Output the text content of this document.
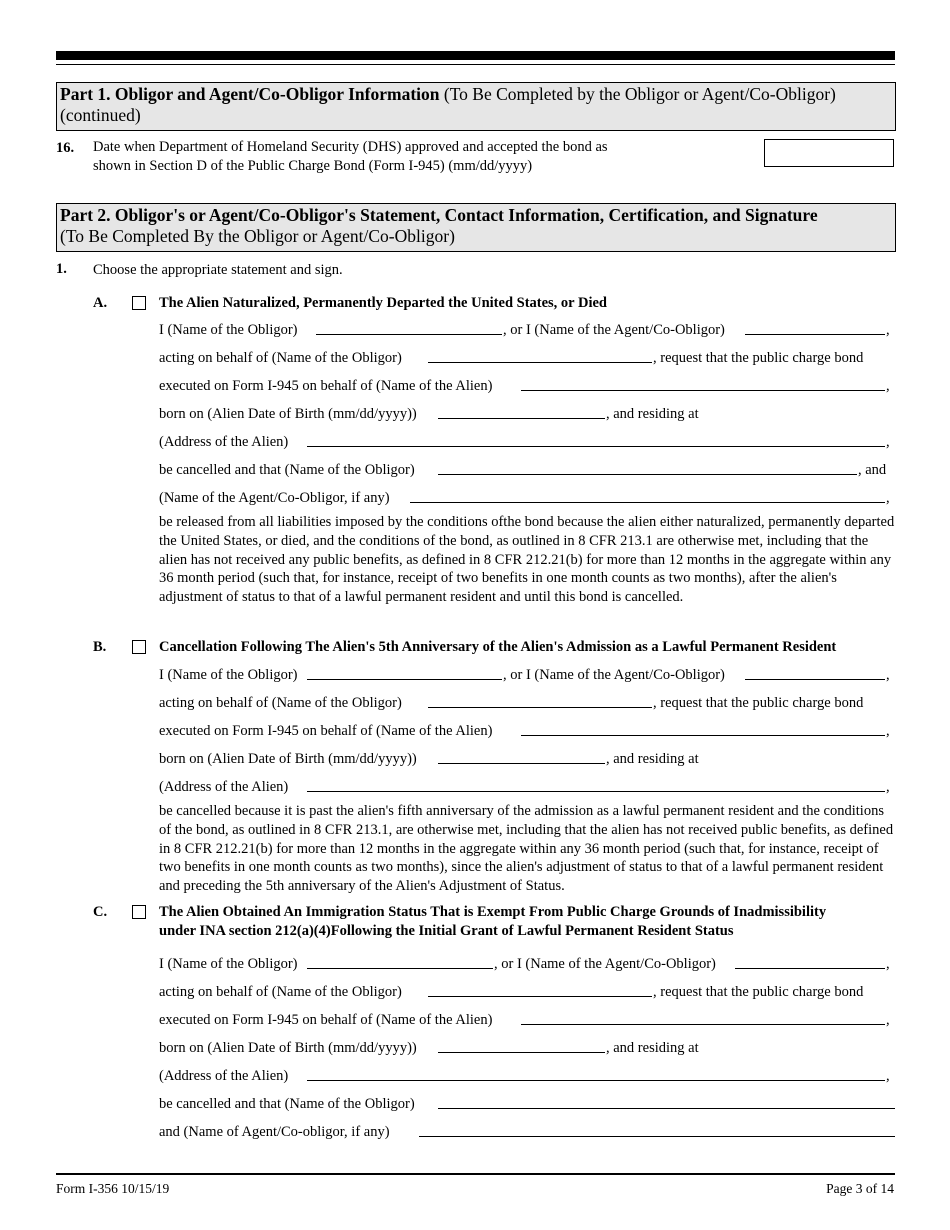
Part 1. Obligor and Agent/Co-Obligor Information (To Be Completed by the Obligor or Agent/Co-Obligor)
(continued)
16. Date when Department of Homeland Security (DHS) approved and accepted the bond as
shown in Section D of the Public Charge Bond (Form I-945) (mm/dd/yyyy)
Part 2. Obligor's or Agent/Co-Obligor's Statement, Contact Information, Certification, and Signature
(To Be Completed By the Obligor or Agent/Co-Obligor)
1. Choose the appropriate statement and sign.
A.	The Alien Naturalized, Permanently Departed the United States, or Died
I (Name of the Obligor)	, or I (Name of the Agent/Co-Obligor)	,
acting on behalf of (Name of the Obligor)	, request that the public charge bond
executed on Form I-945 on behalf of (Name of the Alien)	,
born on (Alien Date of Birth (mm/dd/yyyy))	, and residing at
(Address of the Alien)	,
be cancelled and that (Name of the Obligor)	, and
(Name of the Agent/Co-Obligor, if any)	,
be released from all liabilities imposed by the conditions ofthe bond because the alien either naturalized, permanently departed the United States, or died, and the conditions of the bond, as outlined in 8 CFR 213.1 are otherwise met, including that the alien has not received any public benefits, as defined in 8 CFR 212.21(b) for more than 12 months in the aggregate within any 36 month period (such that, for instance, receipt of two benefits in one month counts as two months), after the alien's adjustment of status to that of a lawful permanent resident and until this bond is cancelled.
B.	Cancellation Following The Alien's 5th Anniversary of the Alien's Admission as a Lawful Permanent Resident
I (Name of the Obligor)	, or I (Name of the Agent/Co-Obligor)	,
acting on behalf of (Name of the Obligor)	, request that the public charge bond
executed on Form I-945 on behalf of (Name of the Alien)	,
born on (Alien Date of Birth (mm/dd/yyyy))	, and residing at
(Address of the Alien)	,
be cancelled because it is past the alien's fifth anniversary of the admission as a lawful permanent resident and the conditions of the bond, as outlined in 8 CFR 213.1, are otherwise met, including that the alien has not received public benefits, as defined in 8 CFR 212.21(b) for more than 12 months in the aggregate within any 36 month period (such that, for instance, receipt of two benefits in one month counts as two months), since the alien's adjustment of status to that of a lawful permanent resident and preceding the 5th anniversary of the Alien's Adjustment of Status.
C.	The Alien Obtained An Immigration Status That is Exempt From Public Charge Grounds of Inadmissibility
under INA section 212(a)(4)Following the Initial Grant of Lawful Permanent Resident Status
I (Name of the Obligor)	, or I (Name of the Agent/Co-Obligor)	,
acting on behalf of (Name of the Obligor)	, request that the public charge bond
executed on Form I-945 on behalf of (Name of the Alien)	,
born on (Alien Date of Birth (mm/dd/yyyy))	, and residing at
(Address of the Alien)	,
be cancelled and that (Name of the Obligor)
and (Name of Agent/Co-obligor, if any)
Form I-356 10/15/19	Page 3 of 14
